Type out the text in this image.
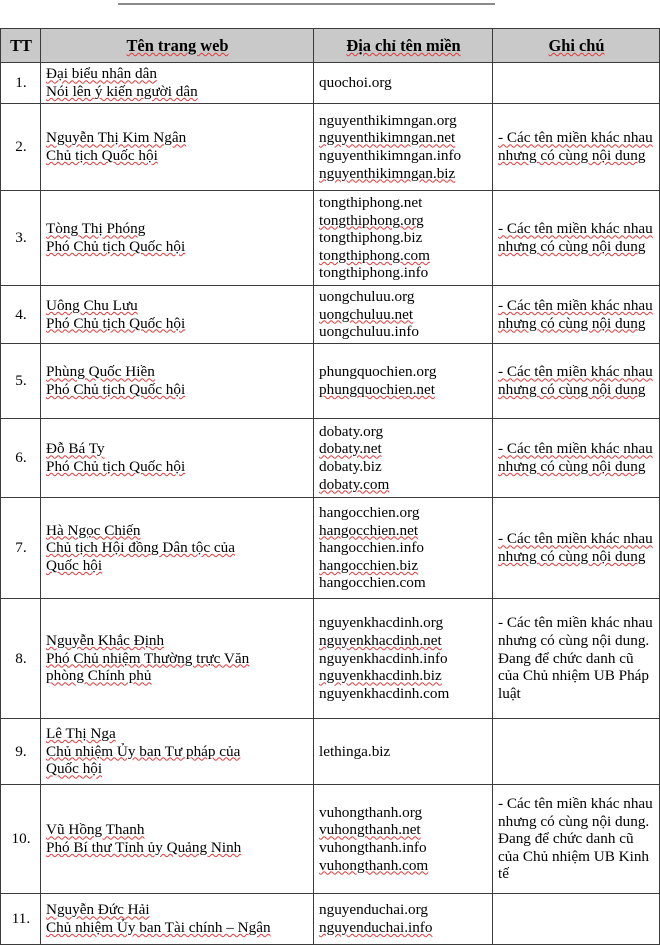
TT	Tên trang web	Địa chỉ tên miền	Ghi chú
1.	Đại biểu nhân dân
Nói lên ý kiến người dân	quochoi.org	

2.	Nguyễn Thị Kim Ngân
Chủ tịch Quốc hội	nguyenthikimngan.org
nguyenthikimngan.net
nguyenthikimngan.info
nguyenthikimngan.biz	- Các tên miền khác nhau nhưng có cùng nội dung

3.	Tòng Thị Phóng
Phó Chủ tịch Quốc hội	tongthiphong.net
tongthiphong.org
tongthiphong.biz
tongthiphong.com
tongthiphong.info	- Các tên miền khác nhau nhưng có cùng nội dung

4.	Uông Chu Lưu
Phó Chủ tịch Quốc hội	uongchuluu.org
uongchuluu.net
uongchuluu.info	- Các tên miền khác nhau nhưng có cùng nội dung

5.	Phùng Quốc Hiền
Phó Chủ tịch Quốc hội	phungquochien.org
phungquochien.net	- Các tên miền khác nhau nhưng có cùng nội dung

6.	Đỗ Bá Ty
Phó Chủ tịch Quốc hội	dobaty.org
dobaty.net
dobaty.biz
dobaty.com	- Các tên miền khác nhau nhưng có cùng nội dung

7.	Hà Ngọc Chiến
Chủ tịch Hội đồng Dân tộc của
Quốc hội	hangocchien.org
hangocchien.net
hangocchien.info
hangocchien.biz
hangocchien.com	- Các tên miền khác nhau nhưng có cùng nội dung

8.	Nguyễn Khắc Định
Phó Chủ nhiệm Thường trực Văn
phòng Chính phủ	nguyenkhacdinh.org
nguyenkhacdinh.net
nguyenkhacdinh.info
nguyenkhacdinh.biz
nguyenkhacdinh.com	- Các tên miền khác nhau nhưng có cùng nội dung. Đang để chức danh cũ của Chủ nhiệm UB Pháp luật

9.	Lê Thị Nga
Chủ nhiệm Ủy ban Tư pháp của
Quốc hội	lethinga.biz	

10.	Vũ Hồng Thanh
Phó Bí thư Tỉnh ủy Quảng Ninh	vuhongthanh.org
vuhongthanh.net
vuhongthanh.info
vuhongthanh.com	- Các tên miền khác nhau nhưng có cùng nội dung. Đang để chức danh cũ của Chủ nhiệm UB Kinh tế

11.	Nguyễn Đức Hải
Chủ nhiệm Ủy ban Tài chính – Ngân	nguyenduchai.org
nguyenduchai.info	
